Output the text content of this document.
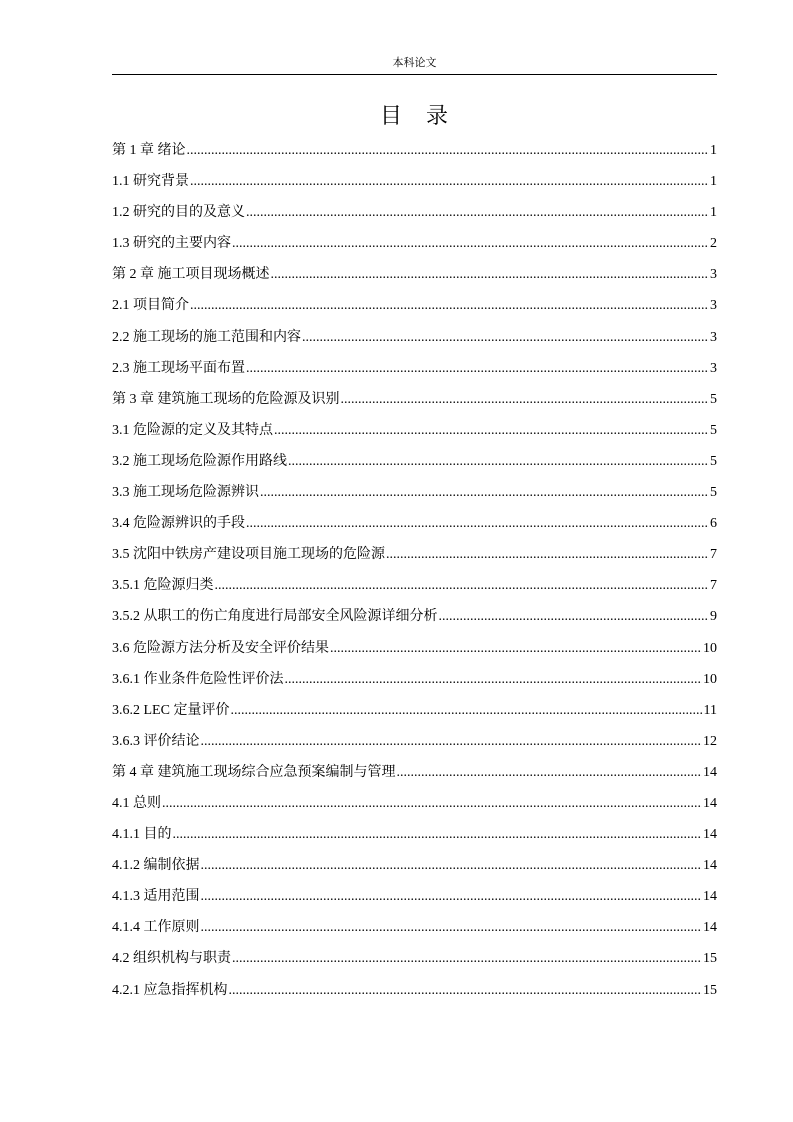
本科论文
目　录
第 1 章 绪论 .....	1
1.1 研究背景 .....	1
1.2 研究的目的及意义 .....	1
1.3 研究的主要内容 .....	2
第 2 章 施工项目现场概述 .....	3
2.1 项目简介 .....	3
2.2 施工现场的施工范围和内容 .....	3
2.3 施工现场平面布置 .....	3
第 3 章 建筑施工现场的危险源及识别 .....	5
3.1 危险源的定义及其特点 .....	5
3.2 施工现场危险源作用路线 .....	5
3.3 施工现场危险源辨识 .....	5
3.4 危险源辨识的手段 .....	6
3.5 沈阳中铁房产建设项目施工现场的危险源 .....	7
3.5.1 危险源归类 .....	7
3.5.2 从职工的伤亡角度进行局部安全风险源详细分析 .....	9
3.6 危险源方法分析及安全评价结果 .....	10
3.6.1 作业条件危险性评价法 .....	10
3.6.2 LEC 定量评价 .....	11
3.6.3 评价结论 .....	12
第 4 章 建筑施工现场综合应急预案编制与管理 .....	14
4.1 总则 .....	14
4.1.1 目的 .....	14
4.1.2 编制依据 .....	14
4.1.3 适用范围 .....	14
4.1.4 工作原则 .....	14
4.2 组织机构与职责 .....	15
4.2.1 应急指挥机构 .....	15
